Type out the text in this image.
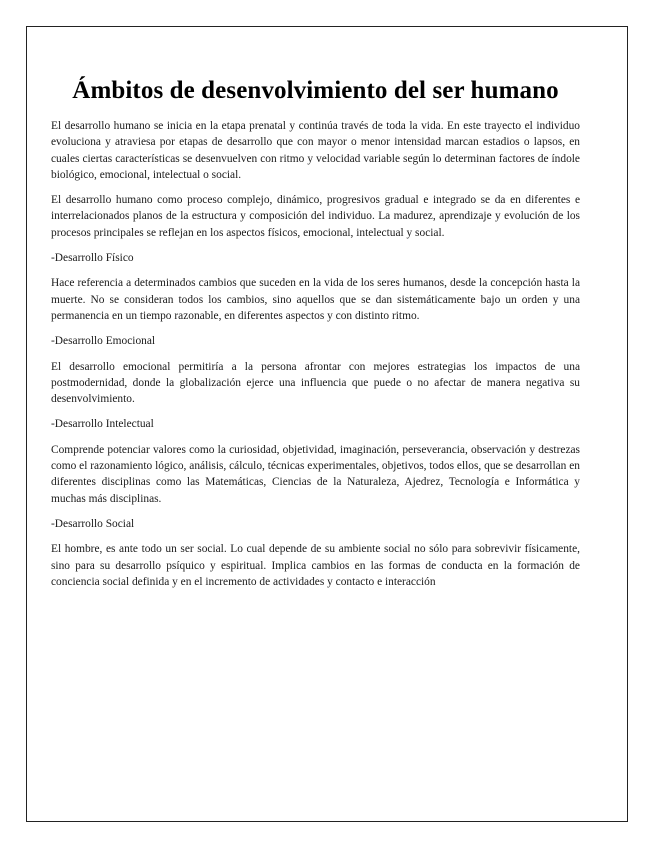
Ámbitos de desenvolvimiento del ser humano

El desarrollo humano se inicia en la etapa prenatal y continúa través de toda la vida. En este trayecto el individuo evoluciona y atraviesa por etapas de desarrollo que con mayor o menor intensidad marcan estadios o lapsos, en cuales ciertas características se desenvuelven con ritmo y velocidad variable según lo determinan factores de índole biológico, emocional, intelectual o social.

El desarrollo humano como proceso complejo, dinámico, progresivos gradual e integrado se da en diferentes e interrelacionados planos de la estructura y composición del individuo. La madurez, aprendizaje y evolución de los procesos principales se reflejan en los aspectos físicos, emocional, intelectual y social.

-Desarrollo Físico

Hace referencia a determinados cambios que suceden en la vida de los seres humanos, desde la concepción hasta la muerte. No se consideran todos los cambios, sino aquellos que se dan sistemáticamente bajo un orden y una permanencia en un tiempo razonable, en diferentes aspectos y con distinto ritmo.

-Desarrollo Emocional

El desarrollo emocional permitiría a la persona afrontar con mejores estrategias los impactos de una postmodernidad, donde la globalización ejerce una influencia que puede o no afectar de manera negativa su desenvolvimiento.

-Desarrollo Intelectual

Comprende potenciar valores como la curiosidad, objetividad, imaginación, perseverancia, observación y destrezas como el razonamiento lógico, análisis, cálculo, técnicas experimentales, objetivos, todos ellos, que se desarrollan en diferentes disciplinas como las Matemáticas, Ciencias de la Naturaleza, Ajedrez, Tecnología e Informática y muchas más disciplinas.

-Desarrollo Social

El hombre, es ante todo un ser social. Lo cual depende de su ambiente social no sólo para sobrevivir físicamente, sino para su desarrollo psíquico y espiritual. Implica cambios en las formas de conducta en la formación de conciencia social definida y en el incremento de actividades y contacto e interacción
